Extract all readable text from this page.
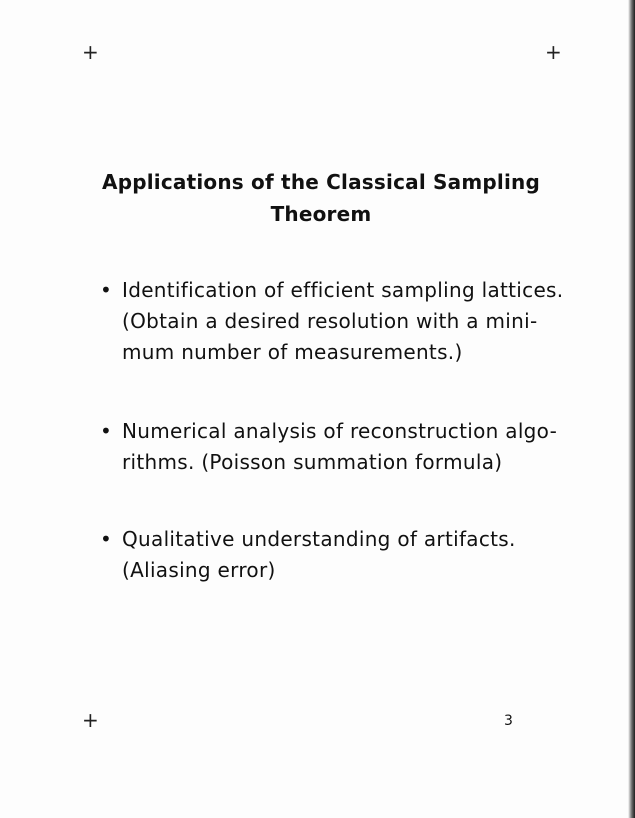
+	+
+
Applications of the Classical Sampling
Theorem
• Identification of efficient sampling lattices.
(Obtain a desired resolution with a mini-
mum number of measurements.)
• Numerical analysis of reconstruction algo-
rithms. (Poisson summation formula)
• Qualitative understanding of artifacts.
(Aliasing error)
3
